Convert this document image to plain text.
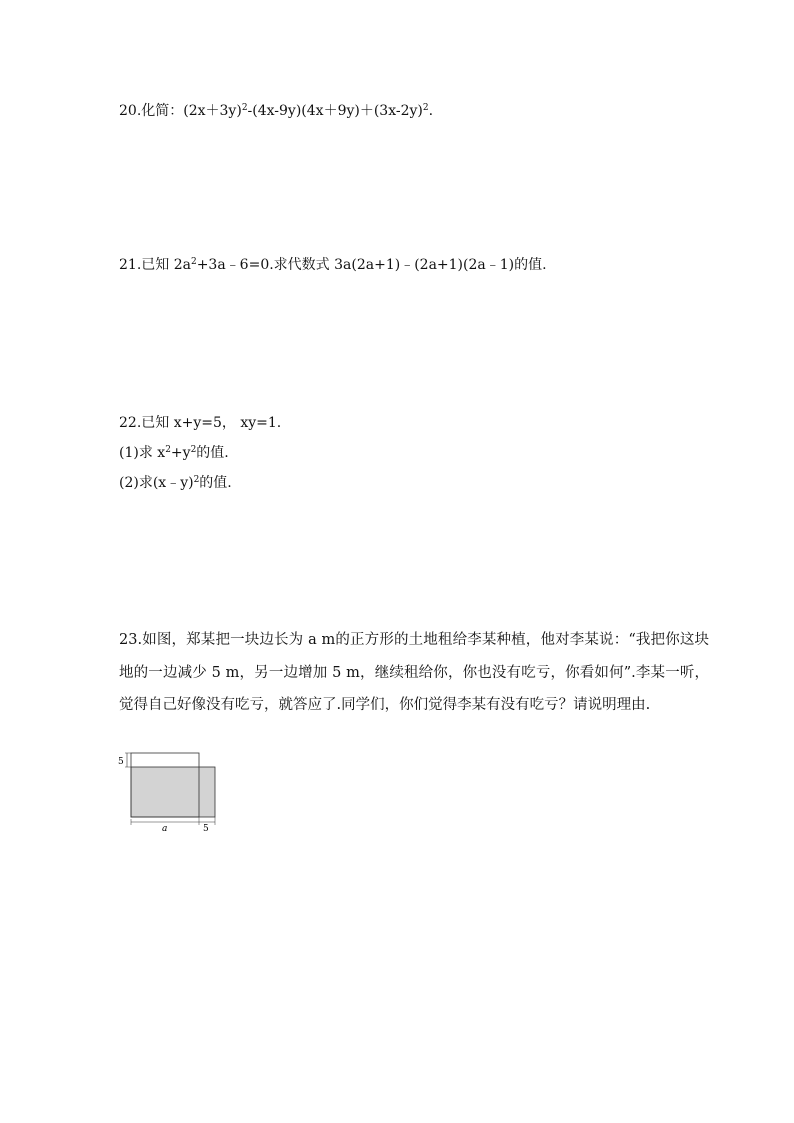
20.化简：$(2x+3y)^2-(4x-9y)(4x+9y)+(3x-2y)^2$.
21.已知 $2a^2+3a﹣6=0$.求代数式 3a(2a+1)﹣(2a+1)(2a﹣1)的值.
22.已知 x+y=5， xy=1.
(1)求 $x^2+y^2$的值.
(2)求(x﹣y)$^2$的值.
23.如图，郑某把一块边长为 a m的正方形的土地租给李某种植，他对李某说：“我把你这块地的一边减少 5 m，另一边增加 5 m，继续租给你，你也没有吃亏，你看如何”.李某一听，觉得自己好像没有吃亏，就答应了.同学们，你们觉得李某有没有吃亏？请说明理由.
5
a	5
